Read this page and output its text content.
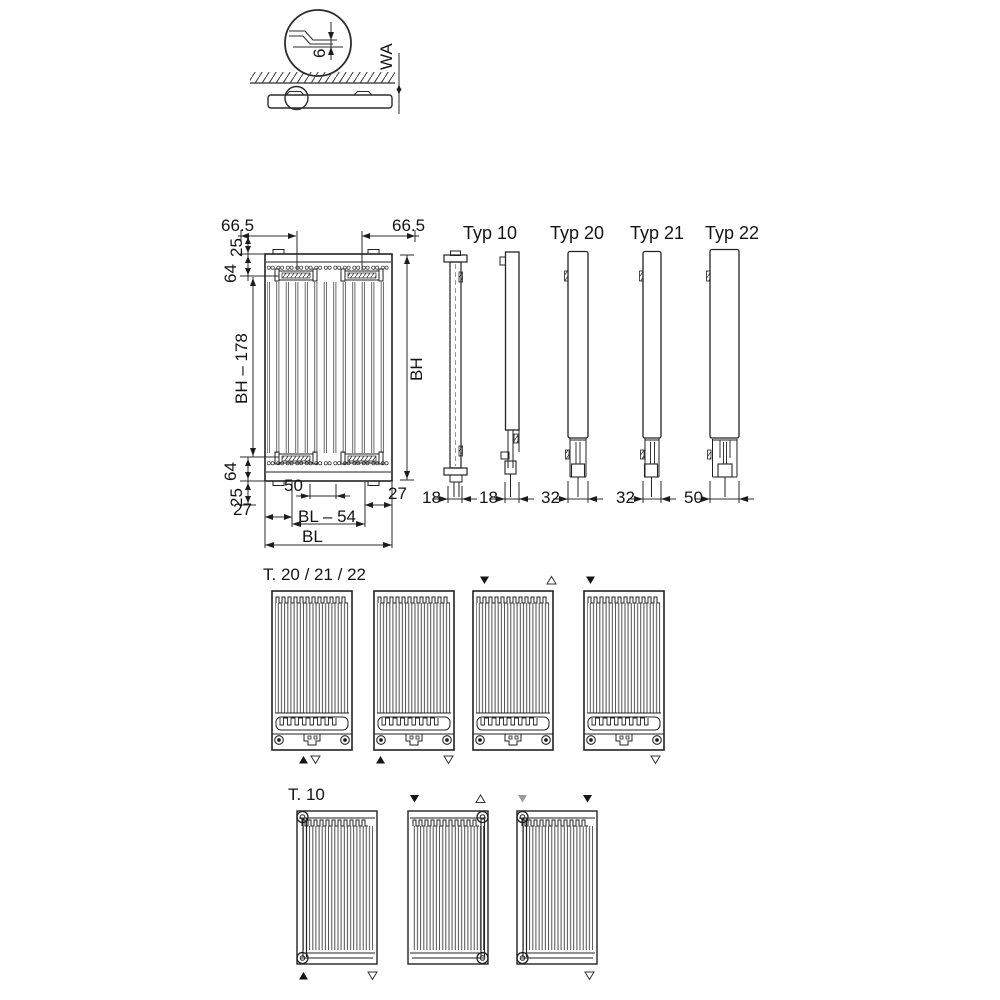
6	WA
66.5	66.5
25
64
BH – 178	BH
64
25
27
50	27
BL – 54
BL
Typ 10 Typ 20 Typ 21 Typ 22
18 18	32	32	50
T. 20 / 21 / 22
T. 10
